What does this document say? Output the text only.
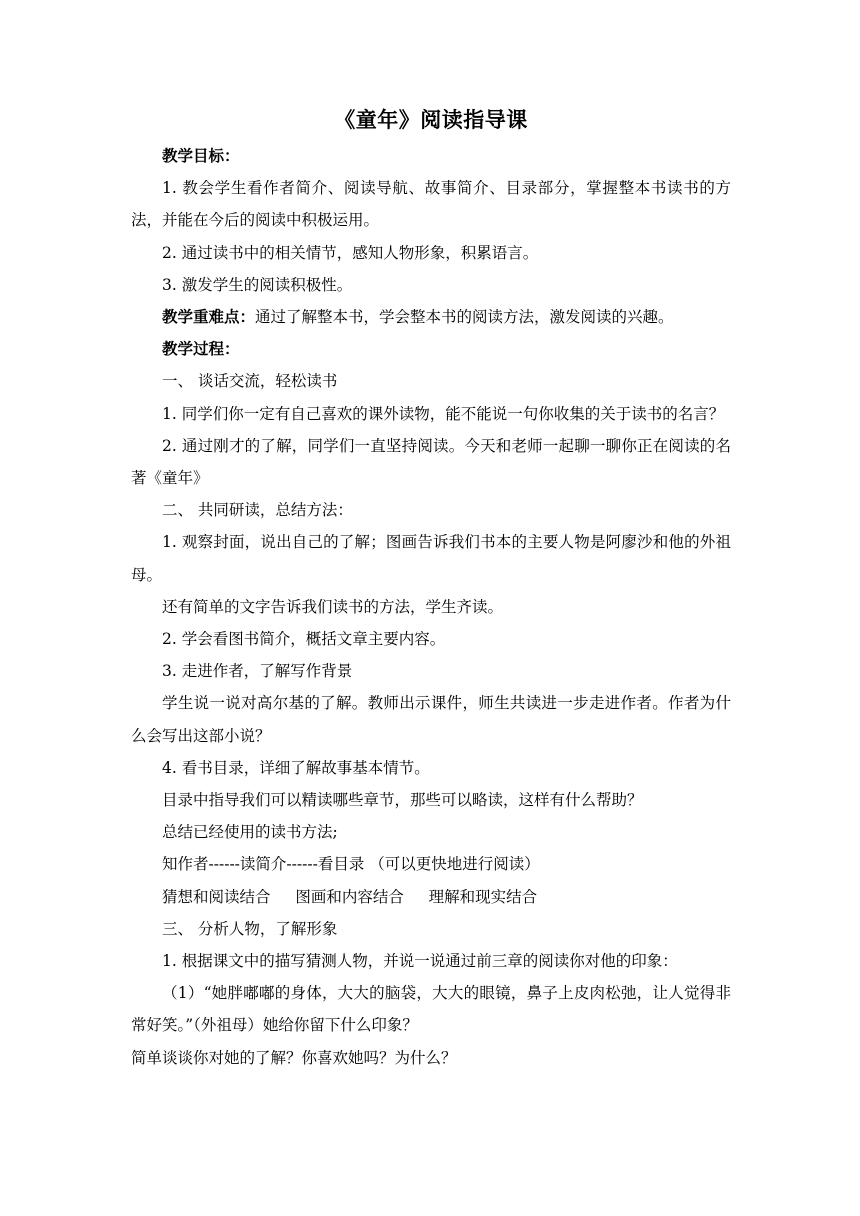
《童年》阅读指导课

教学目标：

1. 教会学生看作者简介、阅读导航、故事简介、目录部分，掌握整本书读书的方法，并能在今后的阅读中积极运用。

2. 通过读书中的相关情节，感知人物形象，积累语言。

3. 激发学生的阅读积极性。

教学重难点：通过了解整本书，学会整本书的阅读方法，激发阅读的兴趣。

教学过程：

一、 谈话交流，轻松读书

1. 同学们你一定有自己喜欢的课外读物，能不能说一句你收集的关于读书的名言？

2. 通过刚才的了解，同学们一直坚持阅读。今天和老师一起聊一聊你正在阅读的名著《童年》

二、 共同研读，总结方法：

1. 观察封面，说出自己的了解；图画告诉我们书本的主要人物是阿廖沙和他的外祖母。

还有简单的文字告诉我们读书的方法，学生齐读。

2. 学会看图书简介，概括文章主要内容。

3. 走进作者，了解写作背景

学生说一说对高尔基的了解。教师出示课件，师生共读进一步走进作者。作者为什么会写出这部小说？

4. 看书目录，详细了解故事基本情节。

目录中指导我们可以精读哪些章节，那些可以略读，这样有什么帮助？

总结已经使用的读书方法;

知作者------读简介------看目录 （可以更快地进行阅读）

猜想和阅读结合 图画和内容结合 理解和现实结合

三、 分析人物，了解形象

1. 根据课文中的描写猜测人物，并说一说通过前三章的阅读你对他的印象：

（1）“她胖嘟嘟的身体，大大的脑袋，大大的眼镜，鼻子上皮肉松弛，让人觉得非常好笑。”（外祖母）她给你留下什么印象？

简单谈谈你对她的了解？你喜欢她吗？为什么？
